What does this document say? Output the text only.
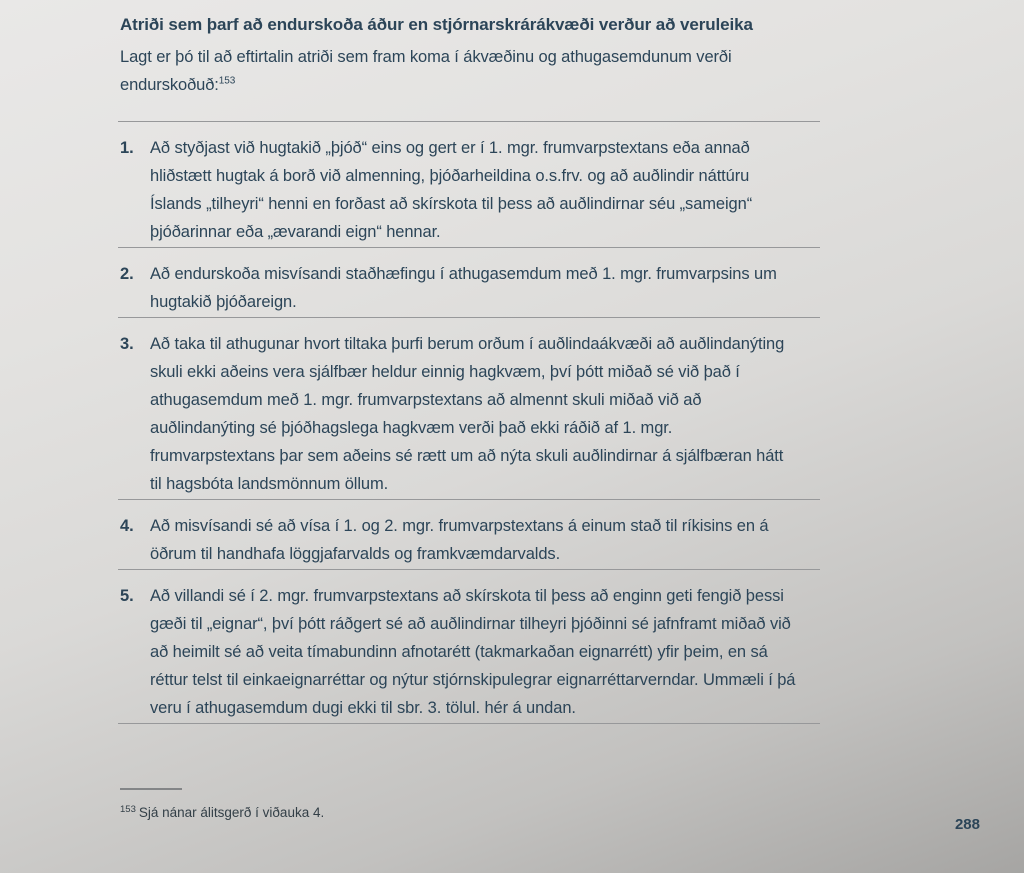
Atriði sem þarf að endurskoða áður en stjórnarskrárákvæði verður að veruleika

Lagt er þó til að eftirtalin atriði sem fram koma í ákvæðinu og athugasemdunum verði endurskoðuð:$^{153}$

1. Að styðjast við hugtakið „þjóð“ eins og gert er í 1. mgr. frumvarpstextans eða annað hliðstætt hugtak á borð við almenning, þjóðarheildina o.s.frv. og að auðlindir náttúru Íslands „tilheyri“ henni en forðast að skírskota til þess að auðlindirnar séu „sameign“ þjóðarinnar eða „ævarandi eign“ hennar.
2. Að endurskoða misvísandi staðhæfingu í athugasemdum með 1. mgr. frumvarpsins um hugtakið þjóðareign.
3. Að taka til athugunar hvort tiltaka þurfi berum orðum í auðlindaákvæði að auðlindanýting skuli ekki aðeins vera sjálfbær heldur einnig hagkvæm, því þótt miðað sé við það í athugasemdum með 1. mgr. frumvarpstextans að almennt skuli miðað við að auðlindanýting sé þjóðhagslega hagkvæm verði það ekki ráðið af 1. mgr. frumvarpstextans þar sem aðeins sé rætt um að nýta skuli auðlindirnar á sjálfbæran hátt til hagsbóta landsmönnum öllum.
4. Að misvísandi sé að vísa í 1. og 2. mgr. frumvarpstextans á einum stað til ríkisins en á öðrum til handhafa löggjafarvalds og framkvæmdarvalds.
5. Að villandi sé í 2. mgr. frumvarpstextans að skírskota til þess að enginn geti fengið þessi gæði til „eignar“, því þótt ráðgert sé að auðlindirnar tilheyri þjóðinni sé jafnframt miðað við að heimilt sé að veita tímabundinn afnotarétt (takmarkaðan eignarrétt) yfir þeim, en sá réttur telst til einkaeignarréttar og nýtur stjórnskipulegrar eignarréttarverndar. Ummæli í þá veru í athugasemdum dugi ekki til sbr. 3. tölul. hér á undan.

$^{153}$ Sjá nánar álitsgerð í viðauka 4.

288
